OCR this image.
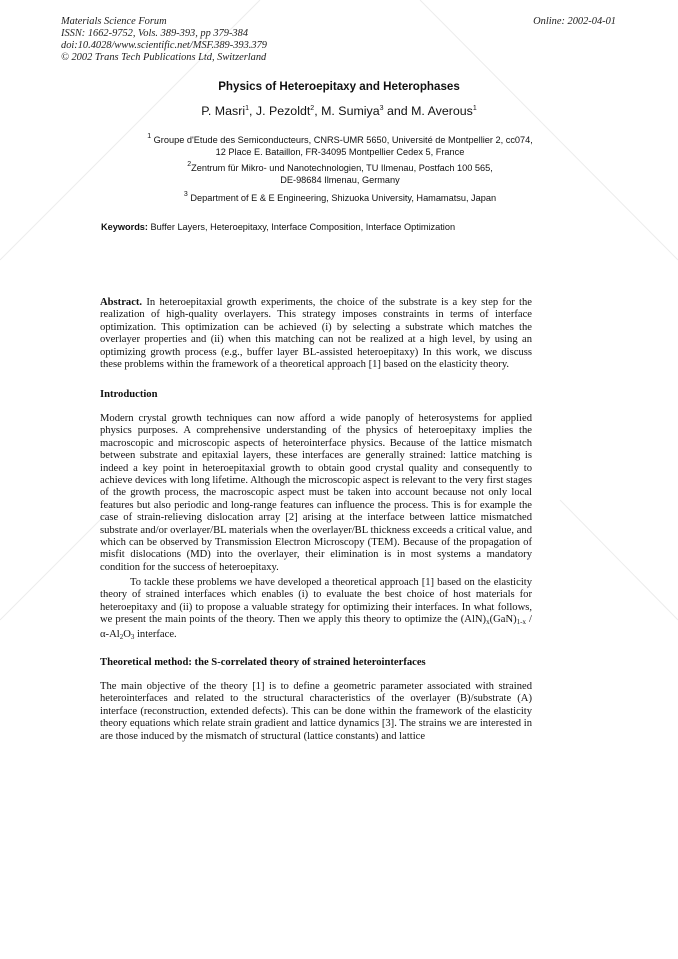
Materials Science Forum
ISSN: 1662-9752, Vols. 389-393, pp 379-384
doi:10.4028/www.scientific.net/MSF.389-393.379
© 2002 Trans Tech Publications Ltd, Switzerland
Online: 2002-04-01
Physics of Heteroepitaxy and Heterophases
P. Masri$^1$, J. Pezoldt$^2$, M. Sumiya$^3$ and M. Averous$^1$
$^1$ Groupe d'Etude des Semiconducteurs, CNRS-UMR 5650, Université de Montpellier 2, cc074,
12 Place E. Bataillon, FR-34095 Montpellier Cedex 5, France
$^2$Zentrum für Mikro- und Nanotechnologien, TU Ilmenau, Postfach 100 565,
DE-98684 Ilmenau, Germany
$^3$ Department of E & E Engineering, Shizuoka University, Hamamatsu, Japan
Keywords: Buffer Layers, Heteroepitaxy, Interface Composition, Interface Optimization
Abstract. In heteroepitaxial growth experiments, the choice of the substrate is a key step for the realization of high-quality overlayers. This strategy imposes constraints in terms of interface optimization. This optimization can be achieved (i) by selecting a substrate which matches the overlayer properties and (ii) when this matching can not be realized at a high level, by using an optimizing growth process (e.g., buffer layer BL-assisted heteroepitaxy) In this work, we discuss these problems within the framework of a theoretical approach [1] based on the elasticity theory.
Introduction
Modern crystal growth techniques can now afford a wide panoply of heterosystems for applied physics purposes. A comprehensive understanding of the physics of heteroepitaxy implies the macroscopic and microscopic aspects of heterointerface physics. Because of the lattice mismatch between substrate and epitaxial layers, these interfaces are generally strained: lattice matching is indeed a key point in heteroepitaxial growth to obtain good crystal quality and consequently to achieve devices with long lifetime. Although the microscopic aspect is relevant to the very first stages of the growth process, the macroscopic aspect must be taken into account because not only local features but also periodic and long-range features can influence the process. This is for example the case of strain-relieving dislocation array [2] arising at the interface between lattice mismatched substrate and/or overlayer/BL materials when the overlayer/BL thickness exceeds a critical value, and which can be observed by Transmission Electron Microscopy (TEM). Because of the propagation of misfit dislocations (MD) into the overlayer, their elimination is in most systems a mandatory condition for the success of heteroepitaxy.
To tackle these problems we have developed a theoretical approach [1] based on the elasticity theory of strained interfaces which enables (i) to evaluate the best choice of host materials for heteroepitaxy and (ii) to propose a valuable strategy for optimizing their interfaces. In what follows, we present the main points of the theory. Then we apply this theory to optimize the $(AlN)_x(GaN)_{1-x}$ $/\alpha-Al_2O_3$ interface.
Theoretical method: the S-correlated theory of strained heterointerfaces
The main objective of the theory [1] is to define a geometric parameter associated with strained heterointerfaces and related to the structural characteristics of the overlayer (B)/substrate (A) interface (reconstruction, extended defects). This can be done within the framework of the elasticity theory equations which relate strain gradient and lattice dynamics [3]. The strains we are interested in are those induced by the mismatch of structural (lattice constants) and lattice
